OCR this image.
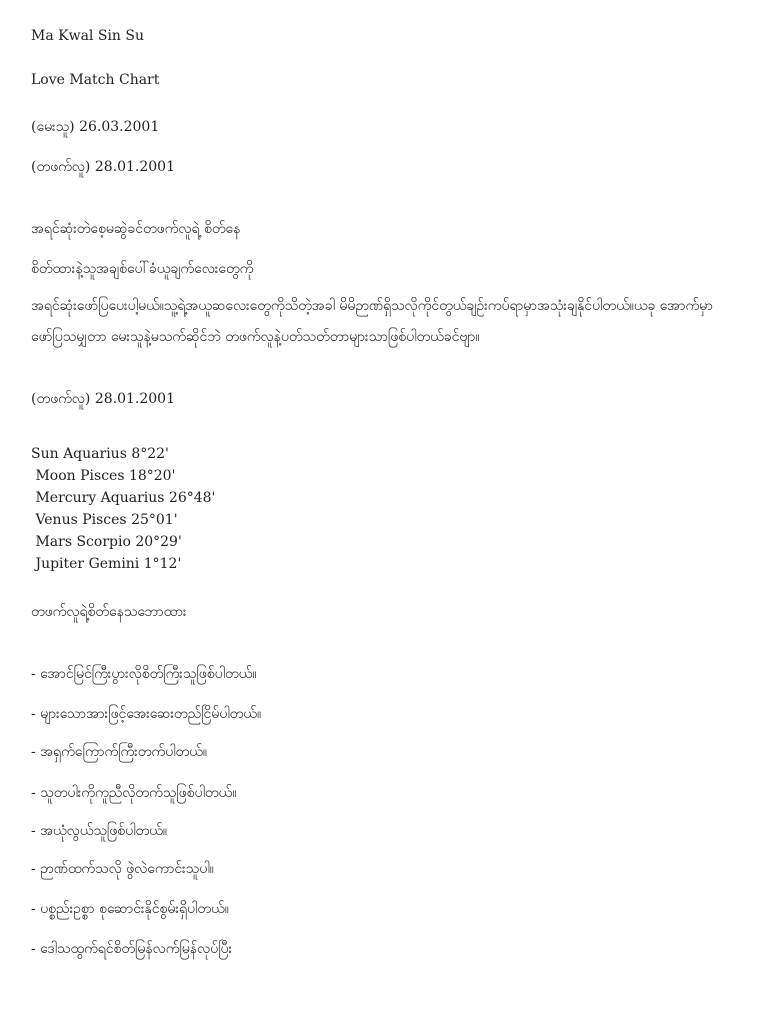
Ma Kwal Sin Su
Love Match Chart
(မေးသူ) 26.03.2001
(တဖက်လူ) 28.01.2001
အရင်ဆုံးတဲစေ့မဆွဲခင်တဖက်လူရဲ့ စိတ်နေ
စိတ်ထားနဲ့သူအချစ်ပေါ်ခံယူချက်လေးတွေကို
အရင်ဆုံးဖော်ပြပေးပါ့မယ်။သူ့ရဲ့အယူဆလေးတွေကိုသိတဲ့အခါ မိမိဉာဏ်ရှိသလိုကိုင်တွယ်ချဉ်းကပ်ရာမှာအသုံးချနိုင်ပါတယ်။ယခု အောက်မှာဖော်ပြသမျှတာ မေးသူနဲ့မသက်ဆိုင်ဘဲ တဖက်လူနဲ့ပတ်သတ်တာများသာဖြစ်ပါတယ်ခင်ဗျာ။
(တဖက်လူ) 28.01.2001
Sun Aquarius 8°22'
Moon Pisces 18°20'
Mercury Aquarius 26°48'
Venus Pisces 25°01'
Mars Scorpio 20°29'
Jupiter Gemini 1°12'
တဖက်လူရဲ့စိတ်နေသဘောထား
- အောင်မြင်ကြီးပွားလိုစိတ်ကြီးသူဖြစ်ပါတယ်။
- များသောအားဖြင့်အေးဆေးတည်ငြိမ်ပါတယ်။
- အရှက်ကြောက်ကြီးတက်ပါတယ်။
- သူတပါးကိုကူညီလိုတက်သူဖြစ်ပါတယ်။
- အယုံလွယ်သူဖြစ်ပါတယ်။
- ဉာဏ်ထက်သလို ဖွဲလဲကောင်းသူပါ။
- ပစ္စည်းဥစ္စာ စုဆောင်းနိုင်စွမ်းရှိပါတယ်။
- ဒေါသထွက်ရင်စိတ်မြန်လက်မြန်လုပ်ပြီး
